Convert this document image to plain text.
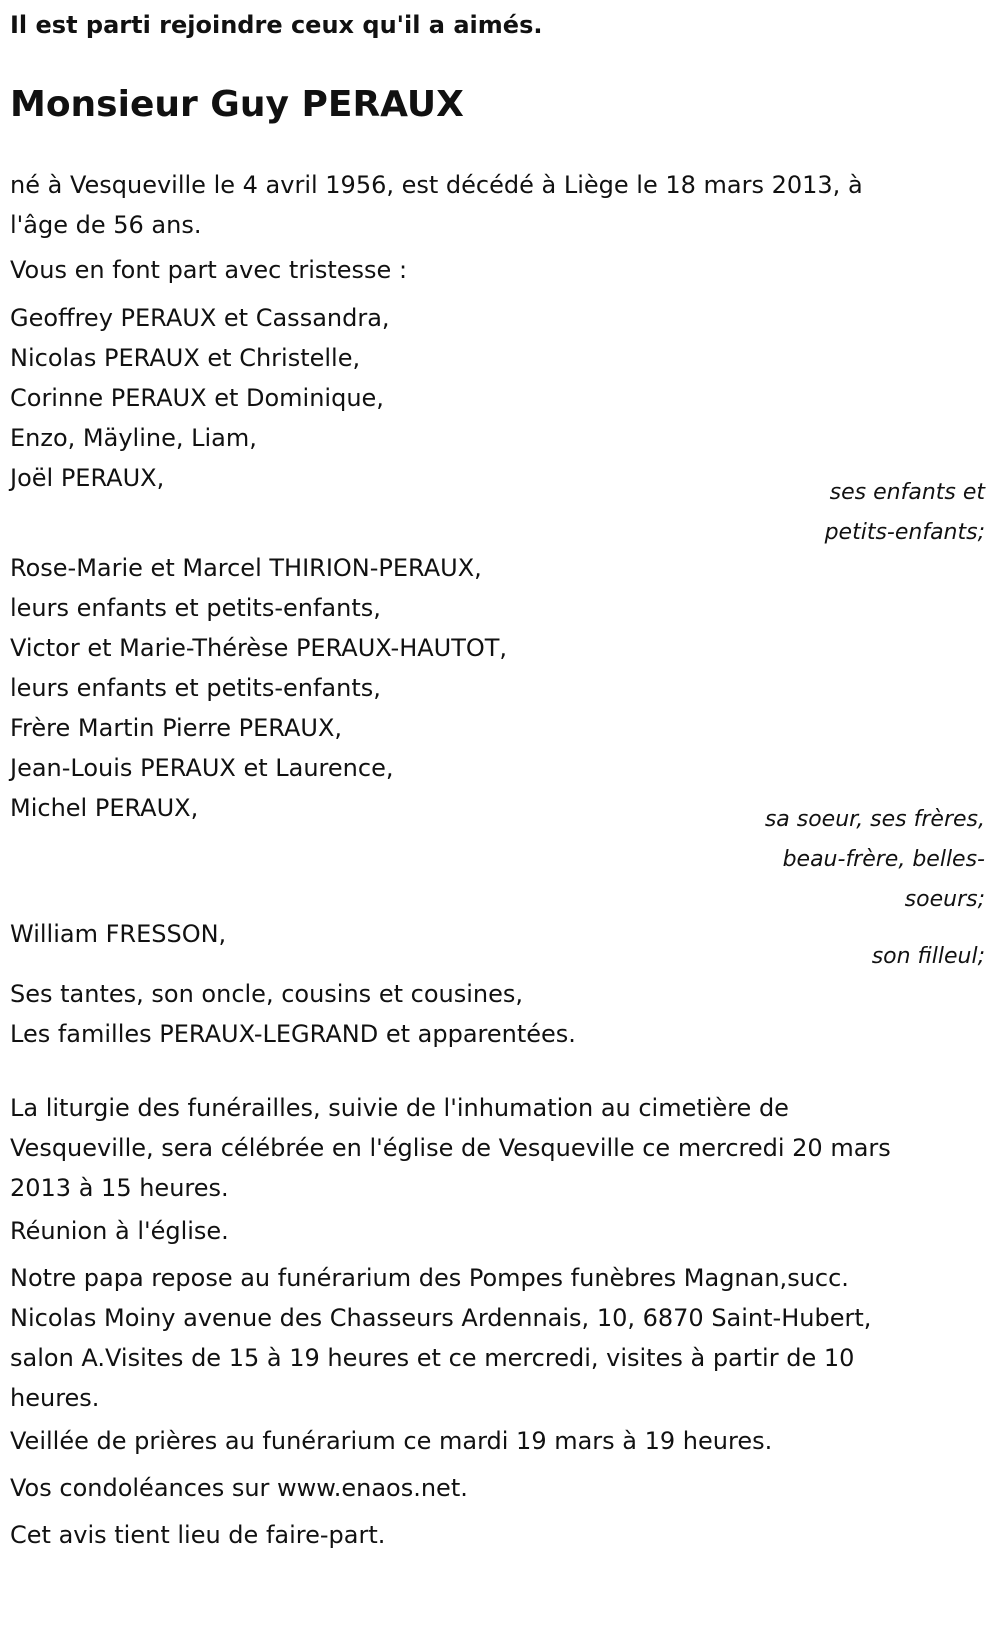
Il est parti rejoindre ceux qu'il a aimés.
Monsieur Guy PERAUX
né à Vesqueville le 4 avril 1956, est décédé à Liège le 18 mars 2013, à
l'âge de 56 ans.
Vous en font part avec tristesse :
Geoffrey PERAUX et Cassandra,
Nicolas PERAUX et Christelle,
Corinne PERAUX et Dominique,
Enzo, Mäyline, Liam,
Joël PERAUX,
ses enfants et
petits-enfants;
Rose-Marie et Marcel THIRION-PERAUX,
leurs enfants et petits-enfants,
Victor et Marie-Thérèse PERAUX-HAUTOT,
leurs enfants et petits-enfants,
Frère Martin Pierre PERAUX,
Jean-Louis PERAUX et Laurence,
Michel PERAUX,	sa soeur, ses frères,
beau-frère, belles-
soeurs;
William FRESSON,
son filleul;
Ses tantes, son oncle, cousins et cousines,
Les familles PERAUX-LEGRAND et apparentées.
La liturgie des funérailles, suivie de l'inhumation au cimetière de
Vesqueville, sera célébrée en l'église de Vesqueville ce mercredi 20 mars
2013 à 15 heures.
Réunion à l'église.
Notre papa repose au funérarium des Pompes funèbres Magnan,succ.
Nicolas Moiny avenue des Chasseurs Ardennais, 10, 6870 Saint-Hubert,
salon A.Visites de 15 à 19 heures et ce mercredi, visites à partir de 10
heures.
Veillée de prières au funérarium ce mardi 19 mars à 19 heures.
Vos condoléances sur www.enaos.net.
Cet avis tient lieu de faire-part.
